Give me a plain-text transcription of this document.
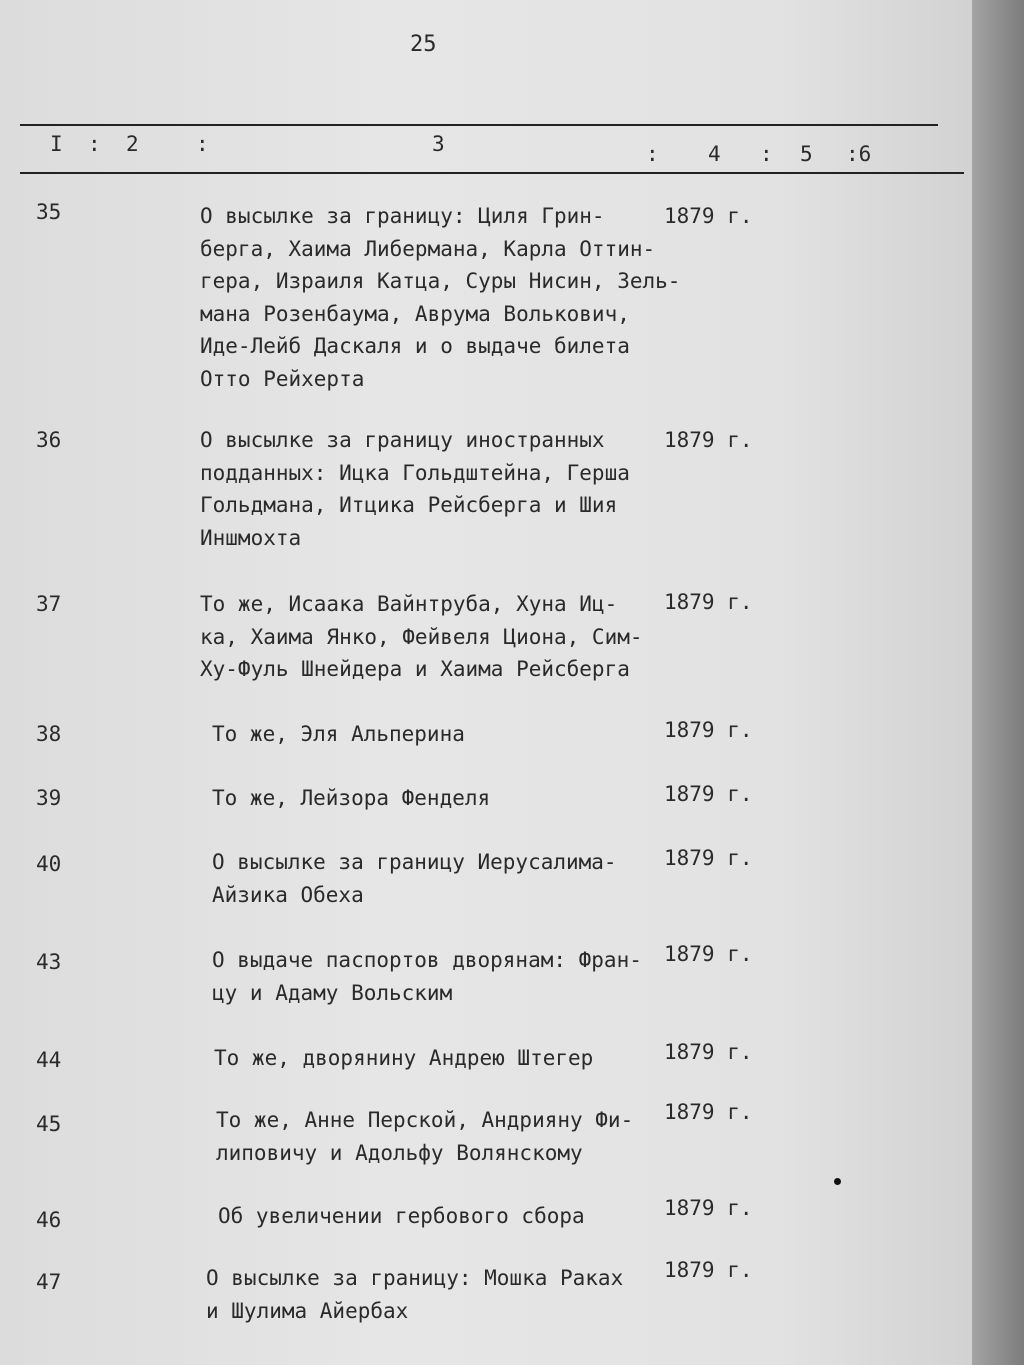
25
I : 2	:	3	: 4 : 5 :6
35	О высылке за границу: Циля Грин-
берга, Хаима Либермана, Карла Оттин-
гера, Израиля Катца, Суры Нисин, Зель-
мана Розенбаума, Аврума Волькович,
Иде-Лейб Даскаля и о выдаче билета
Отто Рейхерта
1879 г.
36	О высылке за границу иностранных
подданных: Ицка Гольдштейна, Герша
Гольдмана, Итцика Рейсберга и Шия
Иншмохта
1879 г.
37	То же, Исаака Вайнтруба, Хуна Иц-
ка, Хаима Янко, Фейвеля Циона, Сим-
Ху-Фуль Шнейдера и Хаима Рейсберга
1879 г.
38	То же, Эля Альперина	1879 г.
39	То же, Лейзора Фенделя	1879 г.
40	О высылке за границу Иерусалима-
Айзика Обеха
1879 г.
43	О выдаче паспортов дворянам: Фран-
цу и Адаму Вольским
1879 г.
44	То же, дворянину Андрею Штегер	1879 г.
45	То же, Анне Перской, Андрияну Фи-
липовичу и Адольфу Волянскому
1879 г.
46	Об увеличении гербового сбора	1879 г.
47	О высылке за границу: Мошка Раках
и Шулима Айербах
1879 г.
